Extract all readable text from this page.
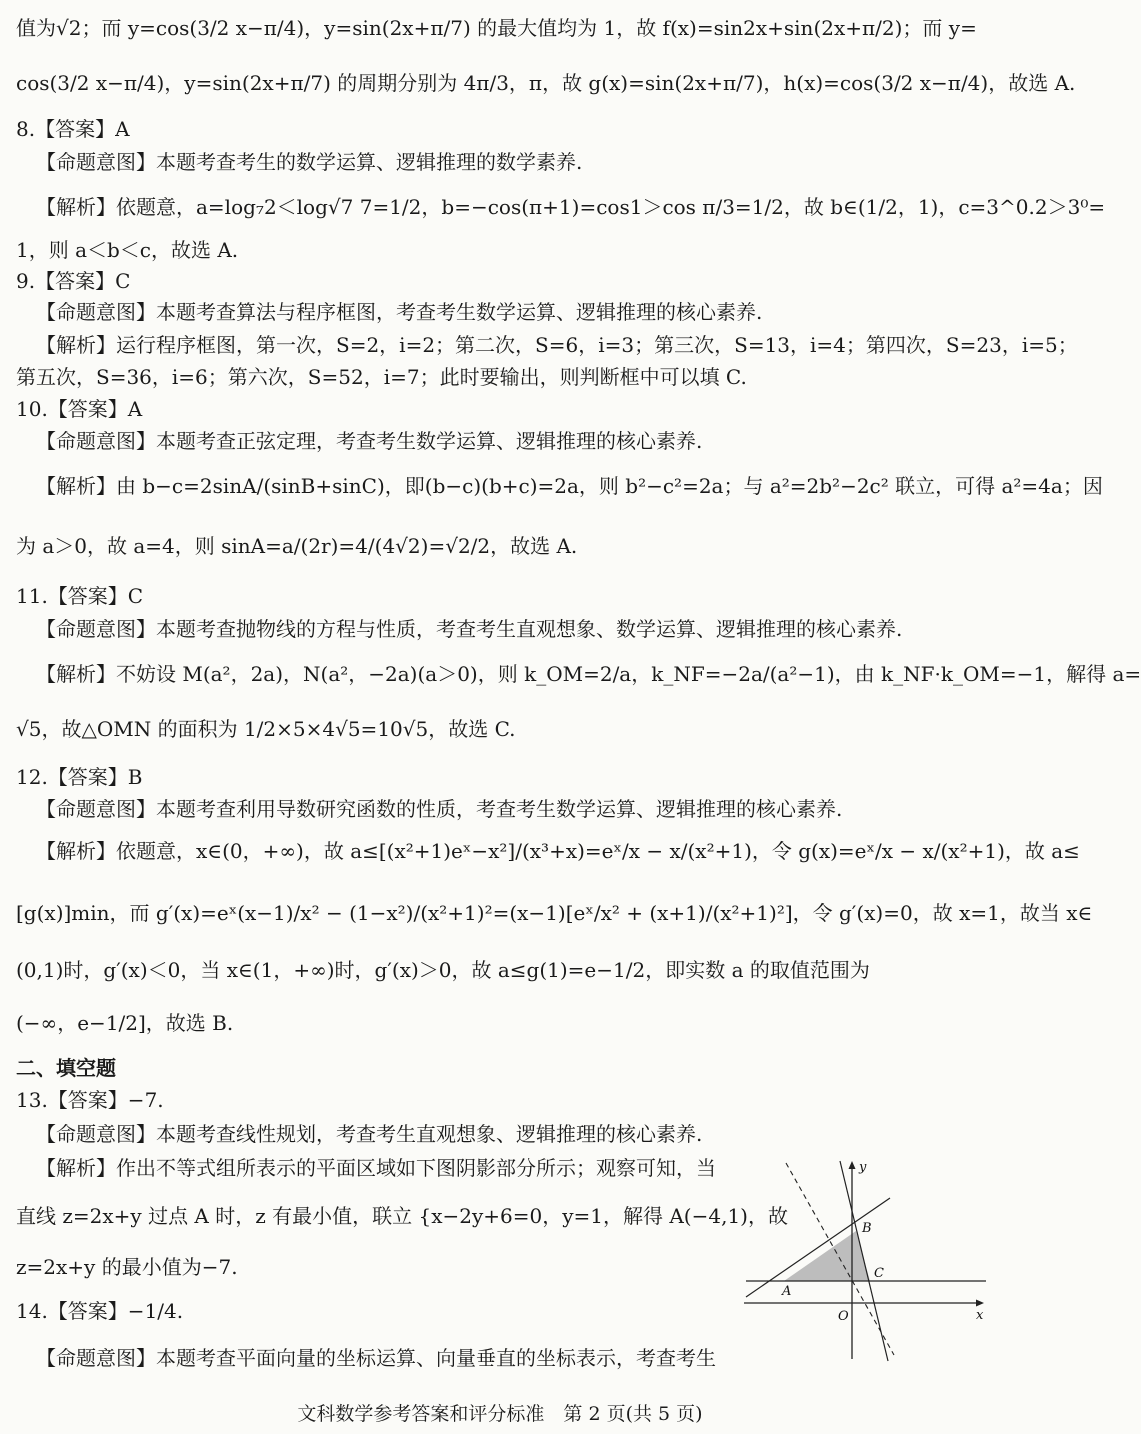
值为√2；而 y=cos(3/2 x−π/4)，y=sin(2x+π/7) 的最大值均为 1，故 f(x)=sin2x+sin(2x+π/2)；而 y=
cos(3/2 x−π/4)，y=sin(2x+π/7) 的周期分别为 4π/3，π，故 g(x)=sin(2x+π/7)，h(x)=cos(3/2 x−π/4)，故选 A.
8.【答案】A
【命题意图】本题考查考生的数学运算、逻辑推理的数学素养.
【解析】依题意，a=log₇2＜log√7 7=1/2，b=−cos(π+1)=cos1＞cos π/3=1/2，故 b∈(1/2，1)，c=3^0.2＞3⁰=
1，则 a＜b＜c，故选 A.
9.【答案】C
【命题意图】本题考查算法与程序框图，考查考生数学运算、逻辑推理的核心素养.
【解析】运行程序框图，第一次，S=2，i=2；第二次，S=6，i=3；第三次，S=13，i=4；第四次，S=23，i=5；
第五次，S=36，i=6；第六次，S=52，i=7；此时要输出，则判断框中可以填 C.
10.【答案】A
【命题意图】本题考查正弦定理，考查考生数学运算、逻辑推理的核心素养.
【解析】由 b−c=2sinA/(sinB+sinC)，即(b−c)(b+c)=2a，则 b²−c²=2a；与 a²=2b²−2c² 联立，可得 a²=4a；因
为 a＞0，故 a=4，则 sinA=a/(2r)=4/(4√2)=√2/2，故选 A.
11.【答案】C
【命题意图】本题考查抛物线的方程与性质，考查考生直观想象、数学运算、逻辑推理的核心素养.
【解析】不妨设 M(a²，2a)，N(a²，−2a)(a＞0)，则 k_OM=2/a，k_NF=−2a/(a²−1)，由 k_NF·k_OM=−1，解得 a=
√5，故△OMN 的面积为 1/2×5×4√5=10√5，故选 C.
12.【答案】B
【命题意图】本题考查利用导数研究函数的性质，考查考生数学运算、逻辑推理的核心素养.
【解析】依题意，x∈(0，+∞)，故 a≤[(x²+1)eˣ−x²]/(x³+x)=eˣ/x − x/(x²+1)，令 g(x)=eˣ/x − x/(x²+1)，故 a≤
[g(x)]min，而 g′(x)=eˣ(x−1)/x² − (1−x²)/(x²+1)²=(x−1)[eˣ/x² + (x+1)/(x²+1)²]，令 g′(x)=0，故 x=1，故当 x∈
(0,1)时，g′(x)＜0，当 x∈(1，+∞)时，g′(x)＞0，故 a≤g(1)=e−1/2，即实数 a 的取值范围为
(−∞，e−1/2]，故选 B.
二、填空题
13.【答案】−7.
【命题意图】本题考查线性规划，考查考生直观想象、逻辑推理的核心素养.
【解析】作出不等式组所表示的平面区域如下图阴影部分所示；观察可知，当
直线 z=2x+y 过点 A 时，z 有最小值，联立 {x−2y+6=0，y=1，解得 A(−4,1)，故
z=2x+y 的最小值为−7.
14.【答案】−1/4.
【命题意图】本题考查平面向量的坐标运算、向量垂直的坐标表示，考查考生
y
x
O
A
B
C
文科数学参考答案和评分标准　第 2 页(共 5 页)
